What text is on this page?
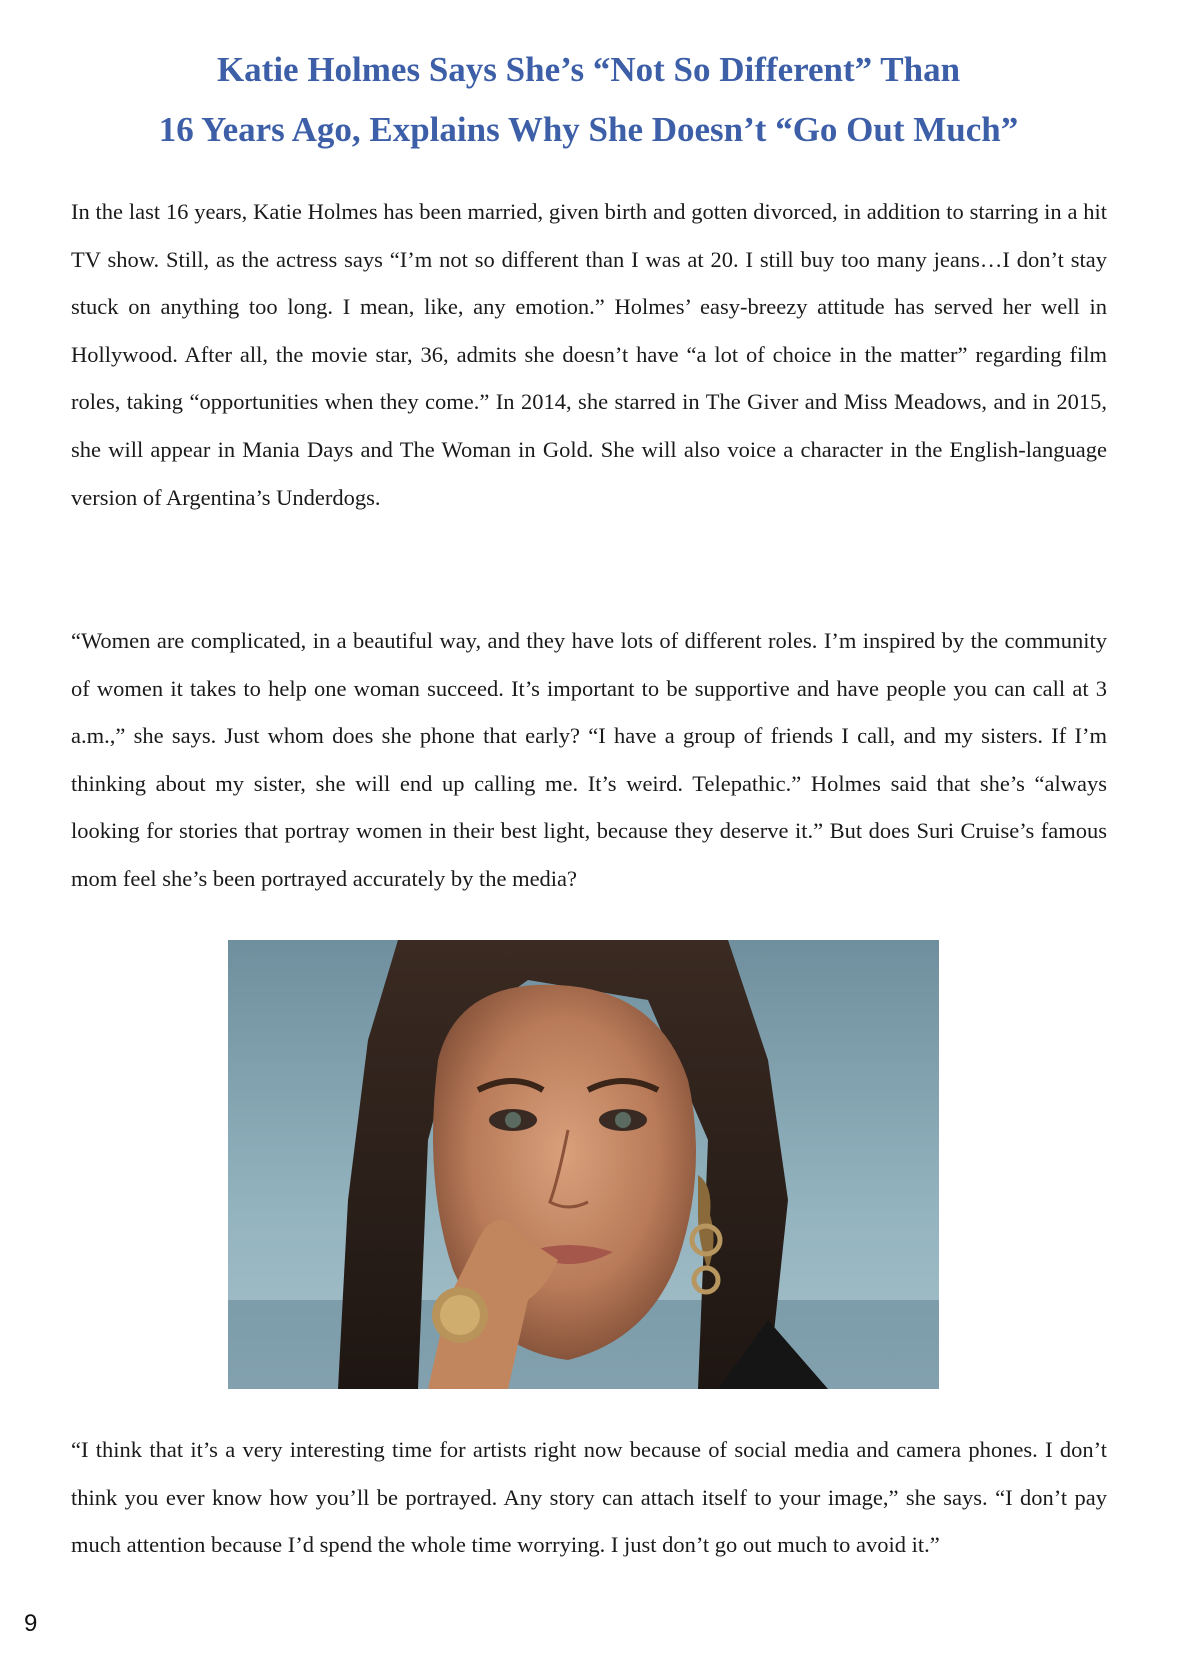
Katie Holmes Says She’s “Not So Different” Than
16 Years Ago, Explains Why She Doesn’t “Go Out Much”

In the last 16 years, Katie Holmes has been married, given birth and gotten divorced, in addition to starring in a hit TV show. Still, as the actress says “I’m not so different than I was at 20. I still buy too many jeans…I don’t stay stuck on anything too long. I mean, like, any emotion.” Holmes’ easy-breezy attitude has served her well in Hollywood. After all, the movie star, 36, admits she doesn’t have “a lot of choice in the matter” regarding film roles, taking “opportunities when they come.” In 2014, she starred in The Giver and Miss Meadows, and in 2015, she will appear in Mania Days and The Woman in Gold. She will also voice a character in the English-language version of Argentina’s Underdogs.

“Women are complicated, in a beautiful way, and they have lots of different roles. I’m inspired by the community of women it takes to help one woman succeed. It’s important to be supportive and have people you can call at 3 a.m.,” she says. Just whom does she phone that early? “I have a group of friends I call, and my sisters. If I’m thinking about my sister, she will end up calling me. It’s weird. Telepathic.” Holmes said that she’s “always looking for stories that portray women in their best light, because they deserve it.” But does Suri Cruise’s famous mom feel she’s been portrayed accurately by the media?

“I think that it’s a very interesting time for artists right now because of social media and camera phones. I don’t think you ever know how you’ll be portrayed. Any story can attach itself to your image,” she says. “I don’t pay much attention because I’d spend the whole time worrying. I just don’t go out much to avoid it.”

9
